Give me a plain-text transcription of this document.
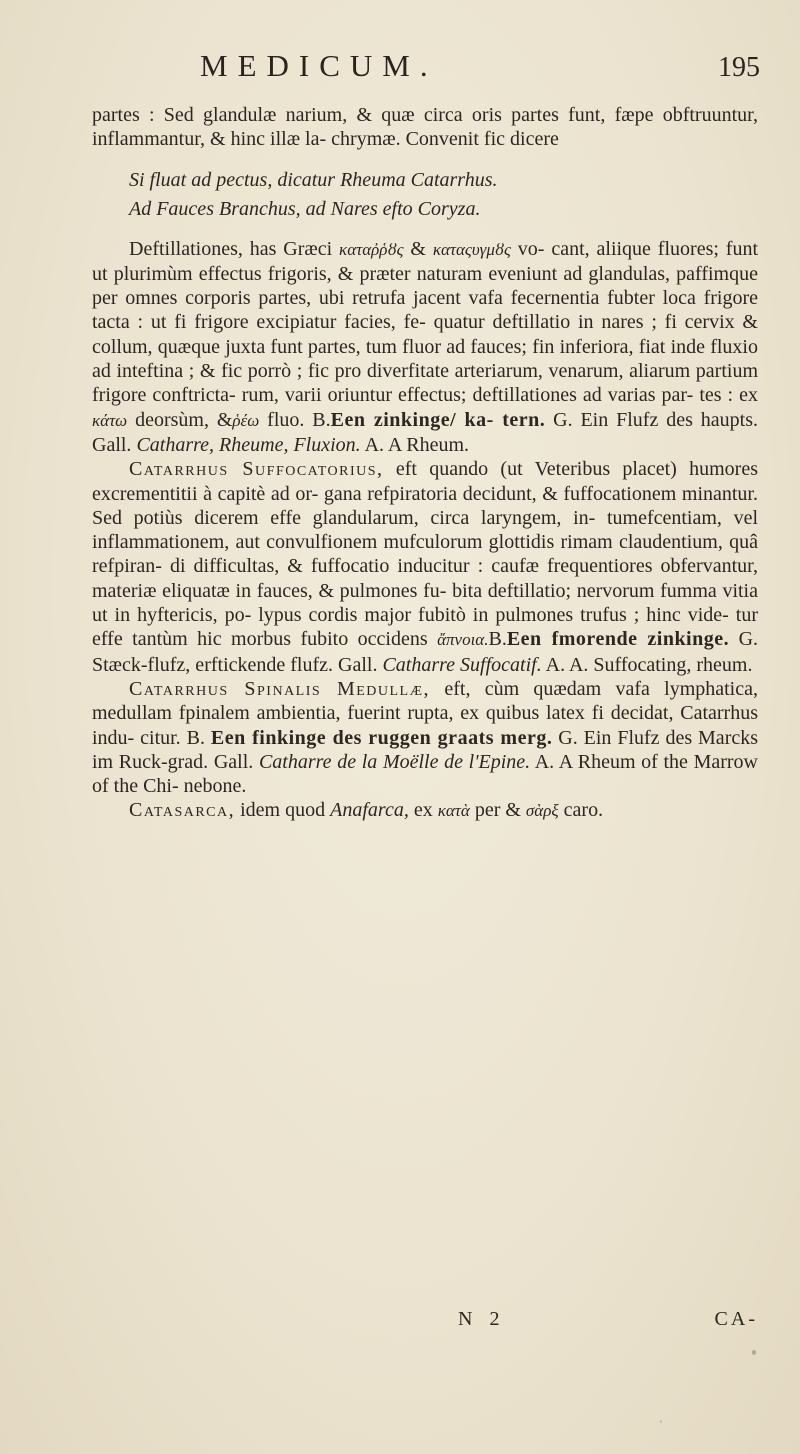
MEDICUM.	195

partes : Sed glandulæ narium, & quæ circa oris partes funt, fæpe obftruuntur, inflammantur, & hinc illæ la- chrymæ. Convenit fic dicere

Si fluat ad pectus, dicatur Rheuma Catarrhus.
Ad Fauces Branchus, ad Nares efto Coryza.

Deftillationes, has Græci καταῤῥȣς & καταςυγμȣς vo- cant, aliique fluores; funt ut plurimùm effectus frigoris, & præter naturam eveniunt ad glandulas, paffimque per omnes corporis partes, ubi retrufa jacent vafa fecernentia fubter loca frigore tacta : ut fi frigore excipiatur facies, fe- quatur deftillatio in nares ; fi cervix & collum, quæque juxta funt partes, tum fluor ad fauces; fin inferiora, fiat inde fluxio ad inteftina ; & fic porrò ; fic pro diverfitate arteriarum, venarum, aliarum partium frigore conftricta- rum, varii oriuntur effectus; deftillationes ad varias par- tes : ex κάτω deorsùm, &ῥέω fluo. B.Een zinkinge/ ka- tern. G. Ein Flufz des haupts. Gall. Catharre, Rheume, Fluxion. A. A Rheum.

Catarrhus Suffocatorius, eft quando (ut Veteribus placet) humores excrementitii à capitè ad or- gana refpiratoria decidunt, & fuffocationem minantur. Sed potiùs dicerem effe glandularum, circa laryngem, in- tumefcentiam, vel inflammationem, aut convulfionem mufculorum glottidis rimam claudentium, quâ refpiran- di difficultas, & fuffocatio inducitur : caufæ frequentiores obfervantur, materiæ eliquatæ in fauces, & pulmones fu- bita deftillatio; nervorum fumma vitia ut in hyftericis, po- lypus cordis major fubitò in pulmones trufus ; hinc vide- tur effe tantùm hic morbus fubito occidens ἄπνοια.B.Een fmorende zinkinge. G. Stæck-flufz, erftickende flufz. Gall. Catharre Suffocatif. A. A. Suffocating, rheum.

Catarrhus Spinalis Medullæ, eft, cùm quædam vafa lymphatica, medullam fpinalem ambientia, fuerint rupta, ex quibus latex fi decidat, Catarrhus indu- citur. B. Een finkinge des ruggen graats merg. G. Ein Flufz des Marcks im Ruck-grad. Gall. Catharre de la Moëlle de l'Epine. A. A Rheum of the Marrow of the Chi- nebone.

Catasarca, idem quod Anafarca, ex κατὰ per & σὰρξ caro.

N 2	CA-
